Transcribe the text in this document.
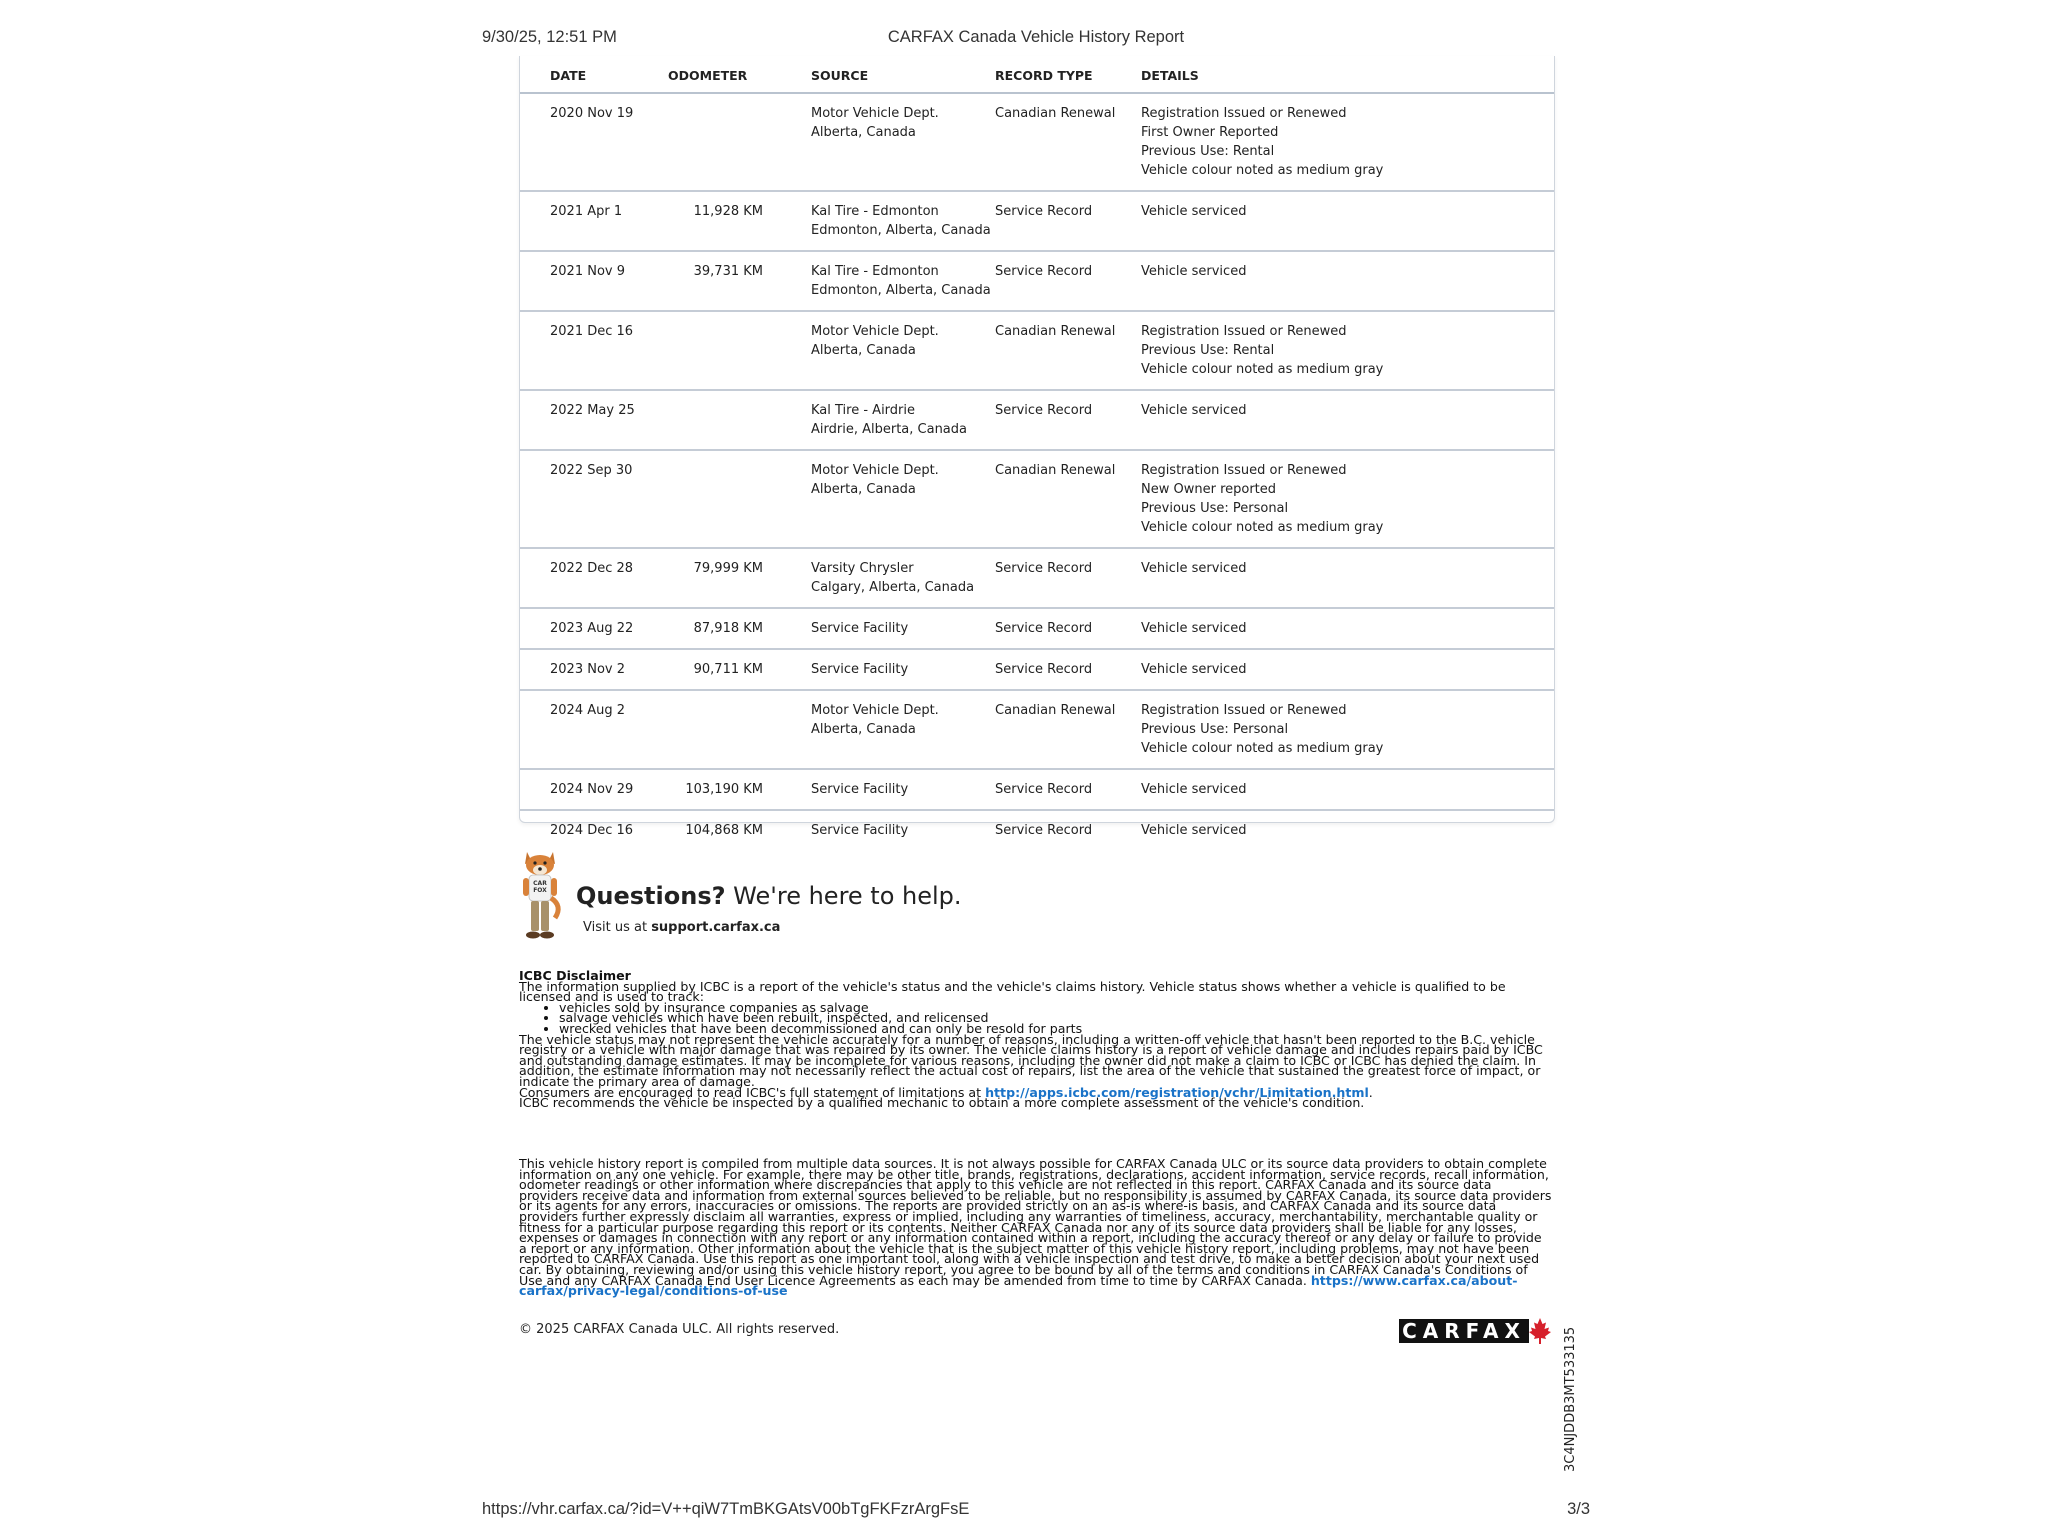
9/30/25, 12:51 PM	CARFAX Canada Vehicle History Report
DATE	ODOMETER	SOURCE	RECORD TYPE	DETAILS
2020 Nov 19		Motor Vehicle Dept.
Alberta, Canada	Canadian Renewal	Registration Issued or Renewed
First Owner Reported
Previous Use: Rental
Vehicle colour noted as medium gray

2021 Apr 1	11,928 KM	Kal Tire - Edmonton
Edmonton, Alberta, Canada	Service Record	Vehicle serviced

2021 Nov 9	39,731 KM	Kal Tire - Edmonton
Edmonton, Alberta, Canada	Service Record	Vehicle serviced

2021 Dec 16		Motor Vehicle Dept.
Alberta, Canada	Canadian Renewal	Registration Issued or Renewed
Previous Use: Rental
Vehicle colour noted as medium gray

2022 May 25		Kal Tire - Airdrie
Airdrie, Alberta, Canada	Service Record	Vehicle serviced

2022 Sep 30		Motor Vehicle Dept.
Alberta, Canada	Canadian Renewal	Registration Issued or Renewed
New Owner reported
Previous Use: Personal
Vehicle colour noted as medium gray

2022 Dec 28	79,999 KM	Varsity Chrysler
Calgary, Alberta, Canada	Service Record	Vehicle serviced

2023 Aug 22	87,918 KM	Service Facility	Service Record	Vehicle serviced

2023 Nov 2	90,711 KM	Service Facility	Service Record	Vehicle serviced

2024 Aug 2		Motor Vehicle Dept.
Alberta, Canada	Canadian Renewal	Registration Issued or Renewed
Previous Use: Personal
Vehicle colour noted as medium gray

2024 Nov 29	103,190 KM	Service Facility	Service Record	Vehicle serviced

2024 Dec 16	104,868 KM	Service Facility	Service Record	Vehicle serviced
CAR
FOX Questions? We're here to help.
Visit us at support.carfax.ca
ICBC Disclaimer
The information supplied by ICBC is a report of the vehicle's status and the vehicle's claims history. Vehicle status shows whether a vehicle is qualified to be licensed and is used to track:
• vehicles sold by insurance companies as salvage
• salvage vehicles which have been rebuilt, inspected, and relicensed
• wrecked vehicles that have been decommissioned and can only be resold for parts
The vehicle status may not represent the vehicle accurately for a number of reasons, including a written-off vehicle that hasn't been reported to the B.C. vehicle registry or a vehicle with major damage that was repaired by its owner. The vehicle claims history is a report of vehicle damage and includes repairs paid by ICBC and outstanding damage estimates. It may be incomplete for various reasons, including the owner did not make a claim to ICBC or ICBC has denied the claim. In addition, the estimate information may not necessarily reflect the actual cost of repairs, list the area of the vehicle that sustained the greatest force of impact, or indicate the primary area of damage.
Consumers are encouraged to read ICBC's full statement of limitations at http://apps.icbc.com/registration/vchr/Limitation.html.
ICBC recommends the vehicle be inspected by a qualified mechanic to obtain a more complete assessment of the vehicle's condition.
This vehicle history report is compiled from multiple data sources. It is not always possible for CARFAX Canada ULC or its source data providers to obtain complete information on any one vehicle. For example, there may be other title, brands, registrations, declarations, accident information, service records, recall information, odometer readings or other information where discrepancies that apply to this vehicle are not reflected in this report. CARFAX Canada and its source data providers receive data and information from external sources believed to be reliable, but no responsibility is assumed by CARFAX Canada, its source data providers or its agents for any errors, inaccuracies or omissions. The reports are provided strictly on an as-is where-is basis, and CARFAX Canada and its source data providers further expressly disclaim all warranties, express or implied, including any warranties of timeliness, accuracy, merchantability, merchantable quality or fitness for a particular purpose regarding this report or its contents. Neither CARFAX Canada nor any of its source data providers shall be liable for any losses, expenses or damages in connection with any report or any information contained within a report, including the accuracy thereof or any delay or failure to provide a report or any information. Other information about the vehicle that is the subject matter of this vehicle history report, including problems, may not have been reported to CARFAX Canada. Use this report as one important tool, along with a vehicle inspection and test drive, to make a better decision about your next used car. By obtaining, reviewing and/or using this vehicle history report, you agree to be bound by all of the terms and conditions in CARFAX Canada's Conditions of Use and any CARFAX Canada End User Licence Agreements as each may be amended from time to time by CARFAX Canada. https://www.carfax.ca/about-carfax/privacy-legal/conditions-of-use
© 2025 CARFAX Canada ULC. All rights reserved.	CARFAX	3C4NJDDB3MT533135
https://vhr.carfax.ca/?id=V++qiW7TmBKGAtsV00bTgFKFzrArgFsE	3/3
